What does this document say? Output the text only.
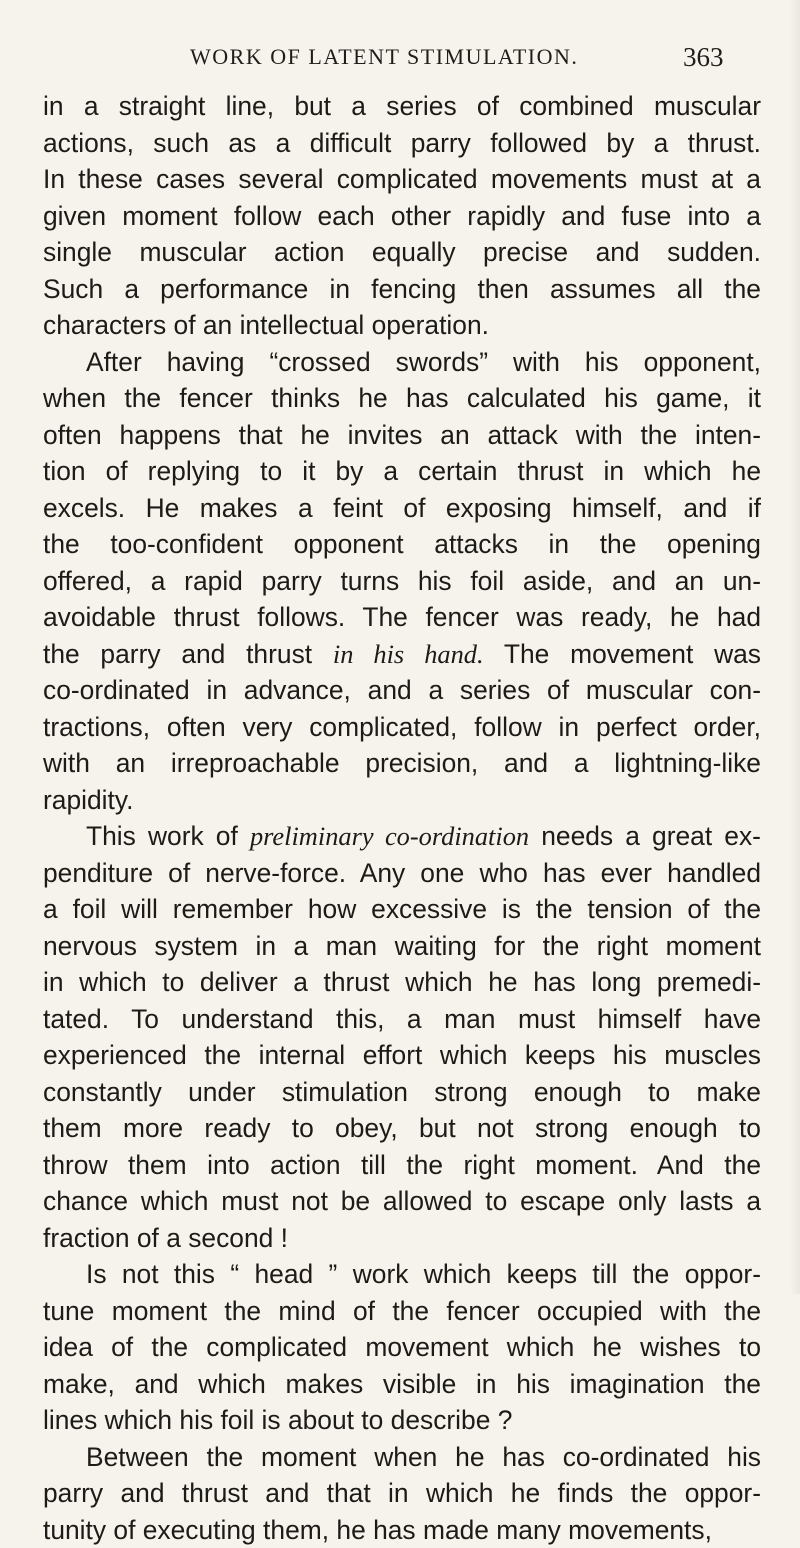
WORK OF LATENT STIMULATION.	363
in a straight line, but a series of combined muscular
actions, such as a difficult parry followed by a thrust.
In these cases several complicated movements must at a
given moment follow each other rapidly and fuse into a
single muscular action equally precise and sudden.
Such a performance in fencing then assumes all the
characters of an intellectual operation.
After having “crossed swords” with his opponent,
when the fencer thinks he has calculated his game, it
often happens that he invites an attack with the inten-
tion of replying to it by a certain thrust in which he
excels. He makes a feint of exposing himself, and if
the too-confident opponent attacks in the opening
offered, a rapid parry turns his foil aside, and an un-
avoidable thrust follows. The fencer was ready, he had
the parry and thrust in his hand. The movement was
co-ordinated in advance, and a series of muscular con-
tractions, often very complicated, follow in perfect order,
with an irreproachable precision, and a lightning-like
rapidity.
This work of preliminary co-ordination needs a great ex-
penditure of nerve-force. Any one who has ever handled
a foil will remember how excessive is the tension of the
nervous system in a man waiting for the right moment
in which to deliver a thrust which he has long premedi-
tated. To understand this, a man must himself have
experienced the internal effort which keeps his muscles
constantly under stimulation strong enough to make
them more ready to obey, but not strong enough to
throw them into action till the right moment. And the
chance which must not be allowed to escape only lasts a
fraction of a second !
Is not this “ head ” work which keeps till the oppor-
tune moment the mind of the fencer occupied with the
idea of the complicated movement which he wishes to
make, and which makes visible in his imagination the
lines which his foil is about to describe ?
Between the moment when he has co-ordinated his
parry and thrust and that in which he finds the oppor-
tunity of executing them, he has made many movements,
